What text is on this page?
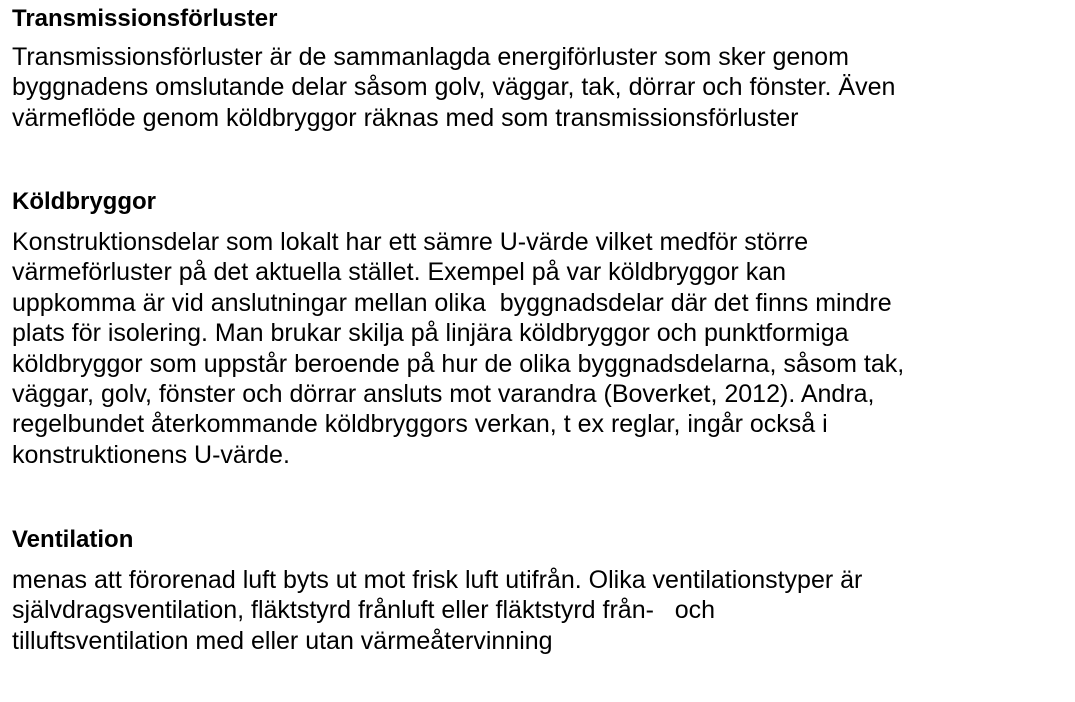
Transmissionsförluster
Transmissionsförluster är de sammanlagda energiförluster som sker genom
byggnadens omslutande delar såsom golv, väggar, tak, dörrar och fönster. Även
värmeflöde genom köldbryggor räknas med som transmissionsförluster
Köldbryggor
Konstruktionsdelar som lokalt har ett sämre U-värde vilket medför större
värmeförluster på det aktuella stället. Exempel på var köldbryggor kan
uppkomma är vid anslutningar mellan olika  byggnadsdelar där det finns mindre
plats för isolering. Man brukar skilja på linjära köldbryggor och punktformiga
köldbryggor som uppstår beroende på hur de olika byggnadsdelarna, såsom tak,
väggar, golv, fönster och dörrar ansluts mot varandra (Boverket, 2012). Andra,
regelbundet återkommande köldbryggors verkan, t ex reglar, ingår också i
konstruktionens U-värde.
Ventilation
menas att förorenad luft byts ut mot frisk luft utifrån. Olika ventilationstyper är
självdragsventilation, fläktstyrd frånluft eller fläktstyrd från-   och
tilluftsventilation med eller utan värmeåtervinning
